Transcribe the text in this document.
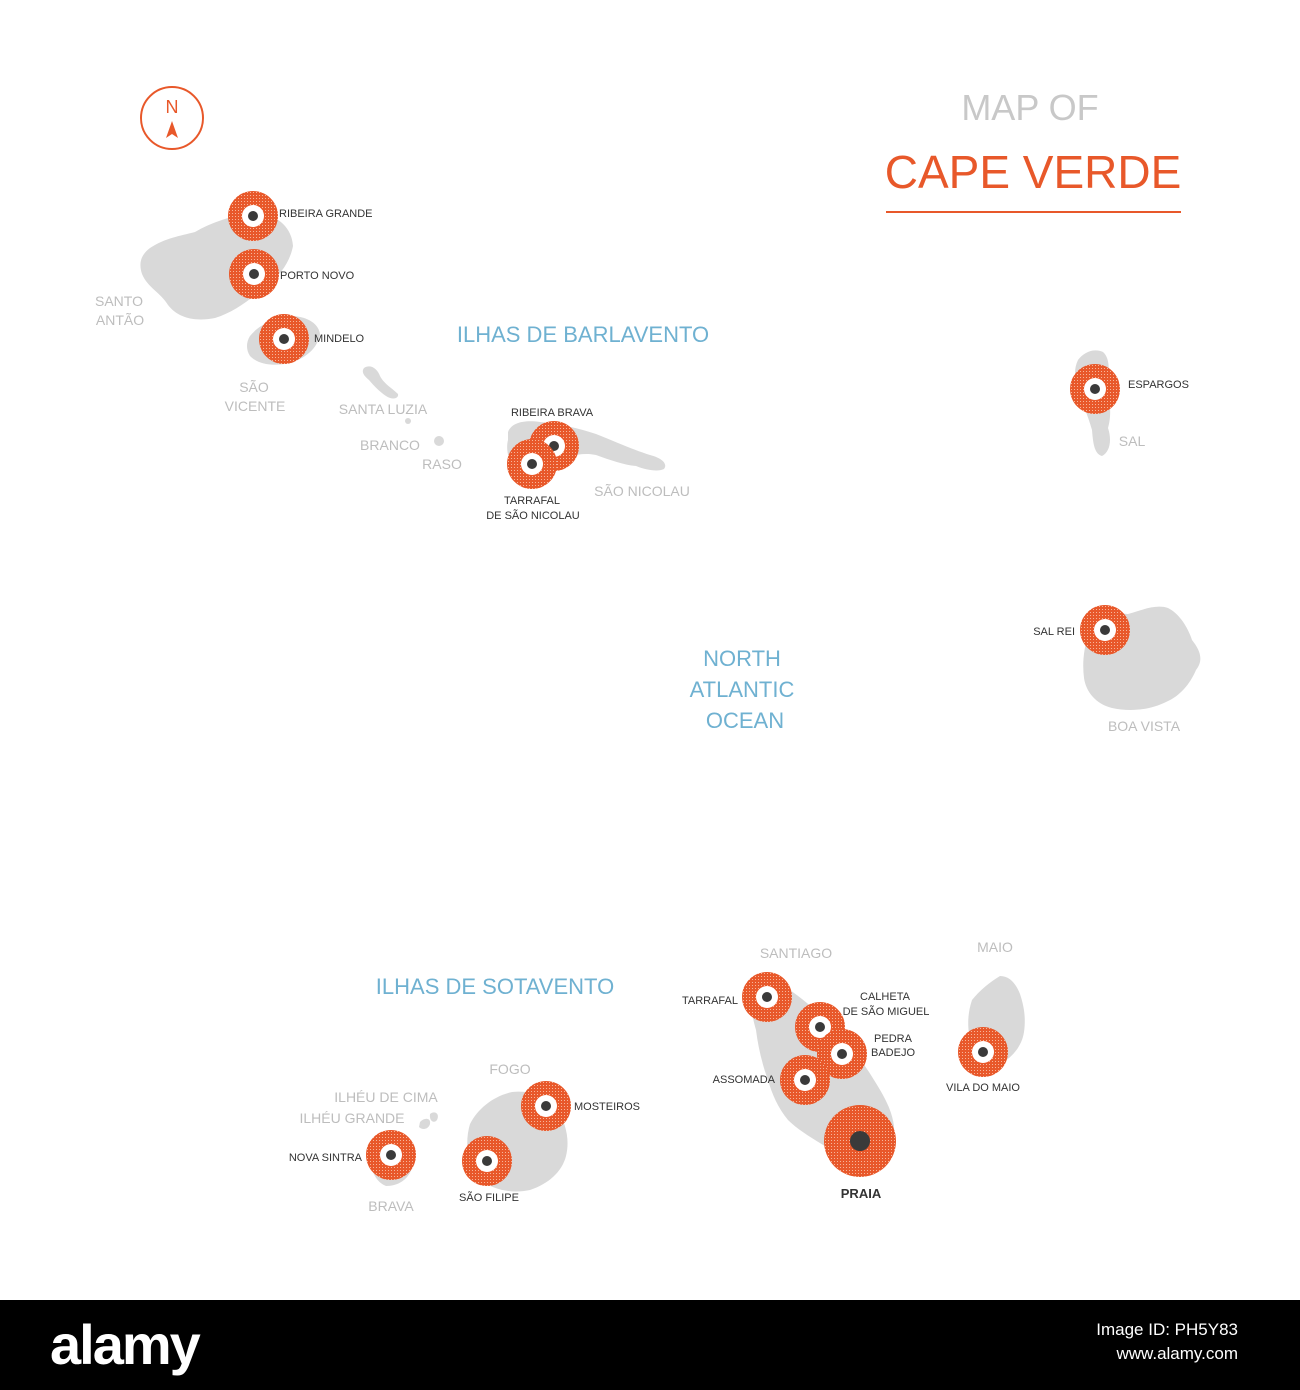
MAP OF
CAPE VERDE
N
ILHAS DE BARLAVENTO
ILHAS DE SOTAVENTO
NORTH
ATLANTIC
OCEAN
SANTO
ANTÃO
SÃO
VICENTE	SANTA LUZIA
BRANCO
RASO
SÃO NICOLAU
SAL
BOA VISTA
SANTIAGO	MAIO
FOGO
ILHÉU DE CIMA
ILHÉU GRANDE
BRAVA
RIBEIRA GRANDE
PORTO NOVO
MINDELO
RIBEIRA BRAVA
TARRAFAL
DE SÃO NICOLAU
ESPARGOS
SAL REI
TARRAFAL	CALHETA
DE SÃO MIGUEL
PEDRA
BADEJO
ASSOMADA
PRAIA
VILA DO MAIO
MOSTEIROS
SÃO FILIPE
NOVA SINTRA
alamy	Image ID: PH5Y83
www.alamy.com
